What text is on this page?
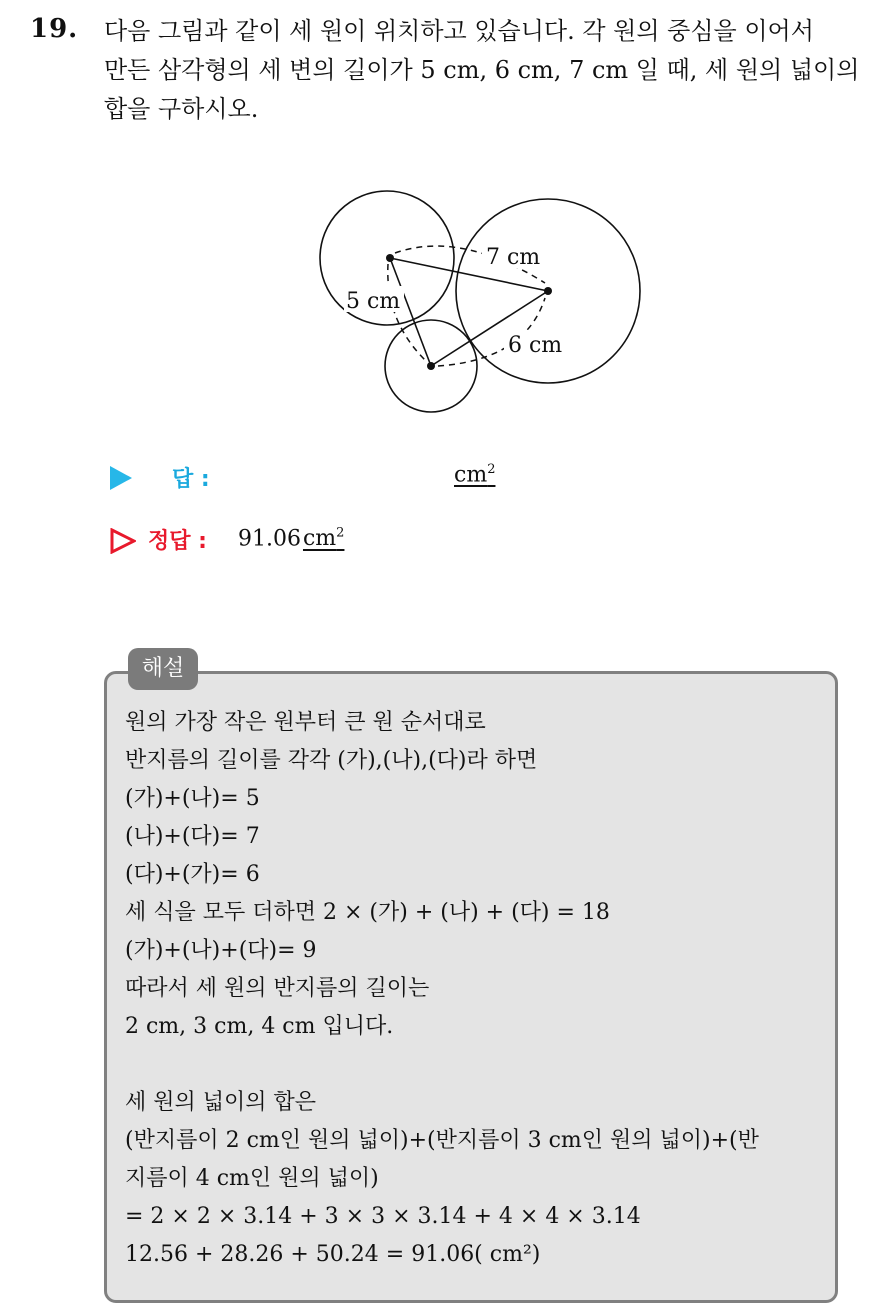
19. 다음 그림과 같이 세 원이 위치하고 있습니다. 각 원의 중심을 이어서
만든 삼각형의 세 변의 길이가 5 cm, 6 cm, 7 cm 일 때, 세 원의 넓이의
합을 구하시오.
7 cm
5 cm
6 cm
답 :	$cm^2$
정답 : $91.06cm^2$
해설
원의 가장 작은 원부터 큰 원 순서대로
반지름의 길이를 각각 (가),(나),(다)라 하면
(가)+(나)= 5
(나)+(다)= 7
(다)+(가)= 6
세 식을 모두 더하면 2 × (가) + (나) + (다) = 18
(가)+(나)+(다)= 9
따라서 세 원의 반지름의 길이는
2 cm, 3 cm, 4 cm 입니다.
세 원의 넓이의 합은
(반지름이 2 cm인 원의 넓이)+(반지름이 3 cm인 원의 넓이)+(반
지름이 4 cm인 원의 넓이)
= 2 × 2 × 3.14 + 3 × 3 × 3.14 + 4 × 4 × 3.14
12.56 + 28.26 + 50.24 = 91.06( cm²)
